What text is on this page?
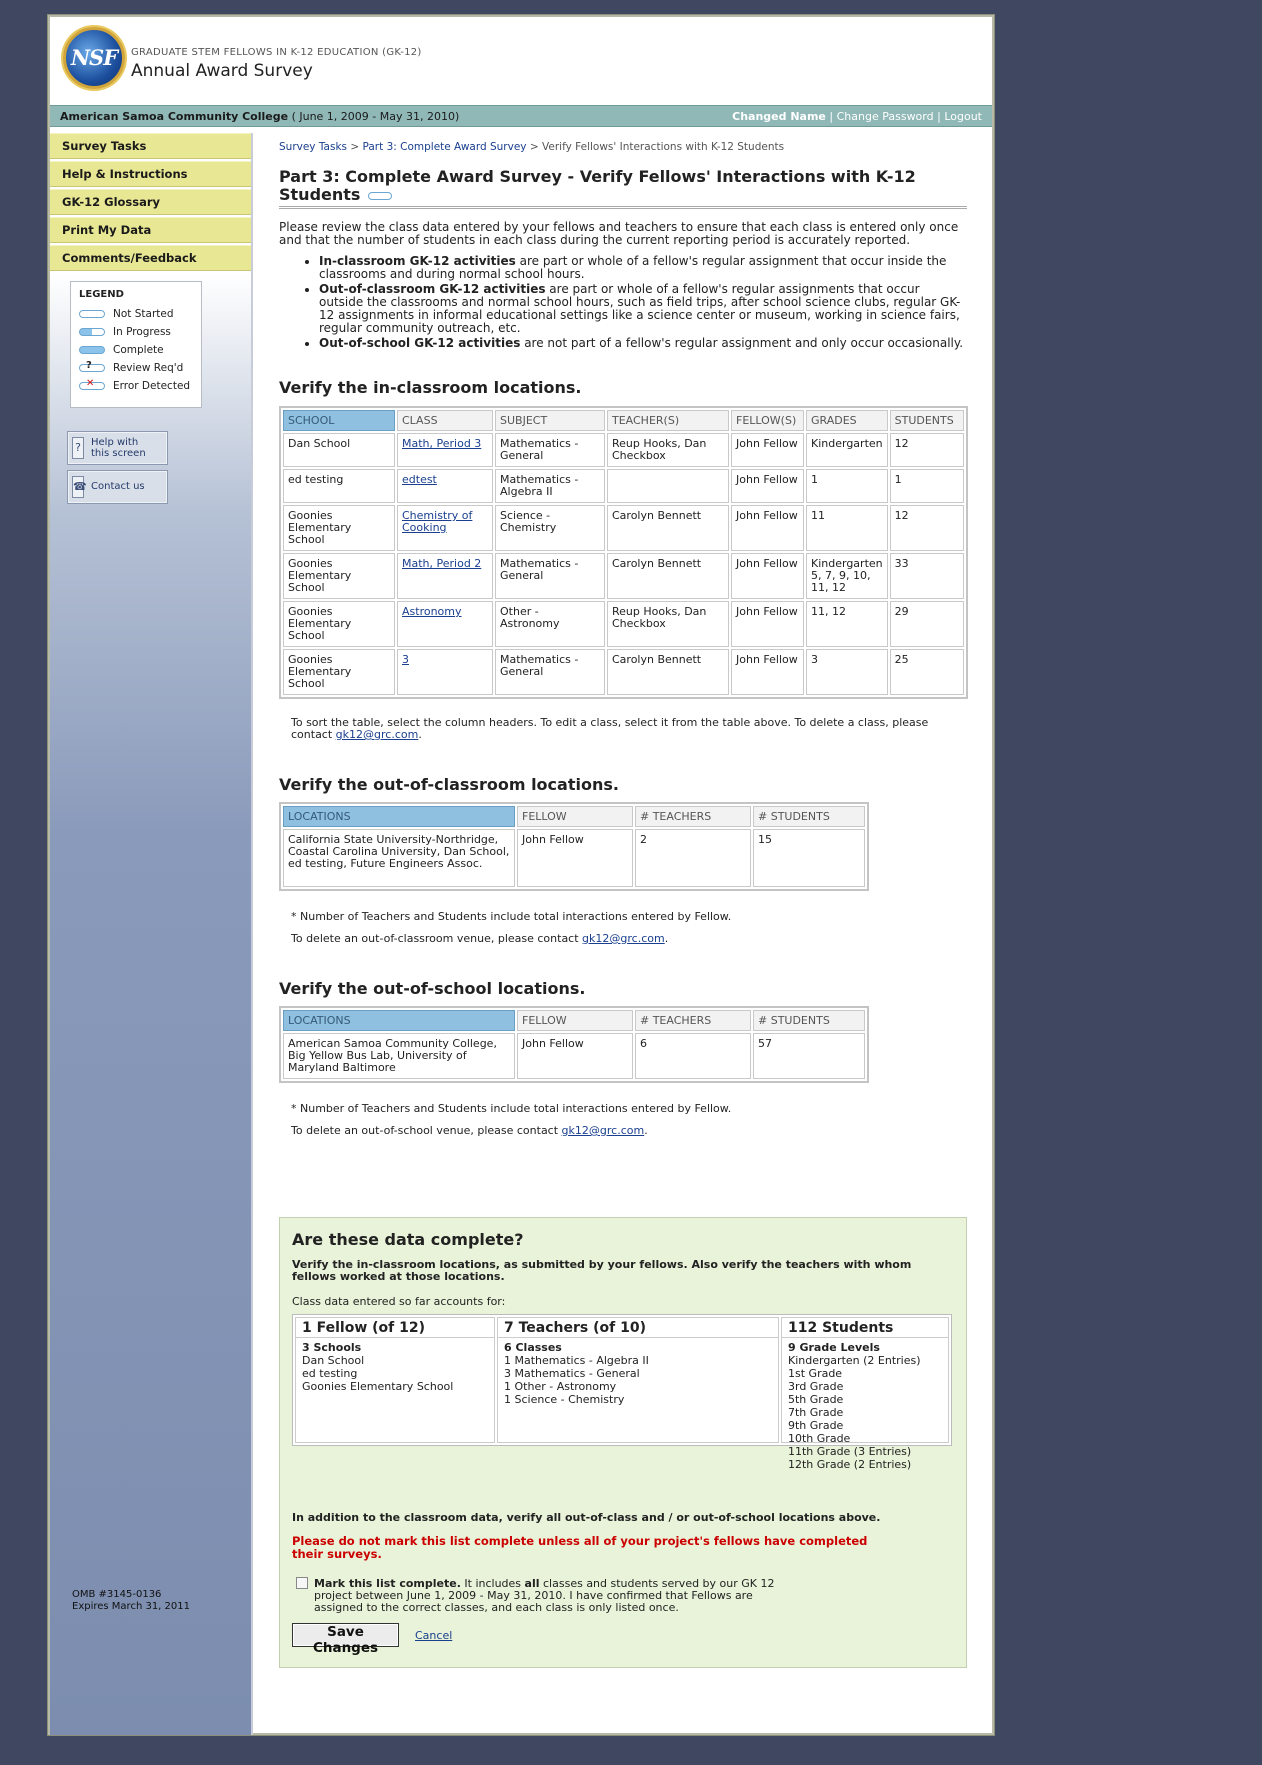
NSF	GRADUATE STEM FELLOWS IN K-12 EDUCATION (GK-12)
Annual Award Survey
American Samoa Community College ( June 1, 2009 - May 31, 2010)	Changed Name | Change Password | Logout
Survey Tasks
Help & Instructions
GK-12 Glossary
Print My Data
Comments/Feedback
LEGEND
Not Started
In Progress
Complete
? Review Req'd
✕ Error Detected
?	Help with
this screen
☎ Contact us
OMB #3145-0136
Expires March 31, 2011
Survey Tasks > Part 3: Complete Award Survey > Verify Fellows' Interactions with K-12 Students
Part 3: Complete Award Survey - Verify Fellows' Interactions with K-12 Students

Please review the class data entered by your fellows and teachers to ensure that each class is entered only once and that the number of students in each class during the current reporting period is accurately reported.

• In-classroom GK-12 activities are part or whole of a fellow's regular assignment that occur inside the classrooms and during normal school hours.
• Out-of-classroom GK-12 activities are part or whole of a fellow's regular assignments that occur outside the classrooms and normal school hours, such as field trips, after school science clubs, regular GK-12 assignments in informal educational settings like a science center or museum, working in science fairs, regular community outreach, etc.
• Out-of-school GK-12 activities are not part of a fellow's regular assignment and only occur occasionally.
Verify the in-classroom locations.
SCHOOL	CLASS	SUBJECT	TEACHER(S)	FELLOW(S)	GRADES	STUDENTS
Dan School	Math, Period 3	Mathematics - General	Reup Hooks, Dan Checkbox	John Fellow	Kindergarten	12
ed testing	edtest	Mathematics - Algebra II		John Fellow	1	1
Goonies Elementary School	Chemistry of Cooking	Science - Chemistry	Carolyn Bennett	John Fellow	11	12
Goonies Elementary School	Math, Period 2	Mathematics - General	Carolyn Bennett	John Fellow	Kindergarten 5, 7, 9, 10, 11, 12	33
Goonies Elementary School	Astronomy	Other - Astronomy	Reup Hooks, Dan Checkbox	John Fellow	11, 12	29
Goonies Elementary School	3	Mathematics - General	Carolyn Bennett	John Fellow	3	25

To sort the table, select the column headers. To edit a class, select it from the table above. To delete a class, please contact gk12@grc.com.

Verify the out-of-classroom locations.
LOCATIONS	FELLOW	# TEACHERS	# STUDENTS
California State University-Northridge, Coastal Carolina University, Dan School, ed testing, Future Engineers Assoc.	John Fellow	2	15

* Number of Teachers and Students include total interactions entered by Fellow.

To delete an out-of-classroom venue, please contact gk12@grc.com.

Verify the out-of-school locations.
LOCATIONS	FELLOW	# TEACHERS	# STUDENTS
American Samoa Community College, Big Yellow Bus Lab, University of Maryland Baltimore	John Fellow	6	57

* Number of Teachers and Students include total interactions entered by Fellow.

To delete an out-of-school venue, please contact gk12@grc.com.

Are these data complete?
Verify the in-classroom locations, as submitted by your fellows. Also verify the teachers with whom fellows worked at those locations.
Class data entered so far accounts for:
1 Fellow (of 12)
3 Schools
Dan School
ed testing
Goonies Elementary School
7 Teachers (of 10)
6 Classes
1 Mathematics - Algebra II
3 Mathematics - General
1 Other - Astronomy
1 Science - Chemistry
112 Students
9 Grade Levels
Kindergarten (2 Entries)
1st Grade
3rd Grade
5th Grade
7th Grade
9th Grade
10th Grade
11th Grade (3 Entries)
12th Grade (2 Entries)
In addition to the classroom data, verify all out-of-class and / or out-of-school locations above.
Please do not mark this list complete unless all of your project's fellows have completed their surveys.
Mark this list complete. It includes all classes and students served by our GK 12 project between June 1, 2009 - May 31, 2010. I have confirmed that Fellows are assigned to the correct classes, and each class is only listed once.
Save Changes
Cancel
